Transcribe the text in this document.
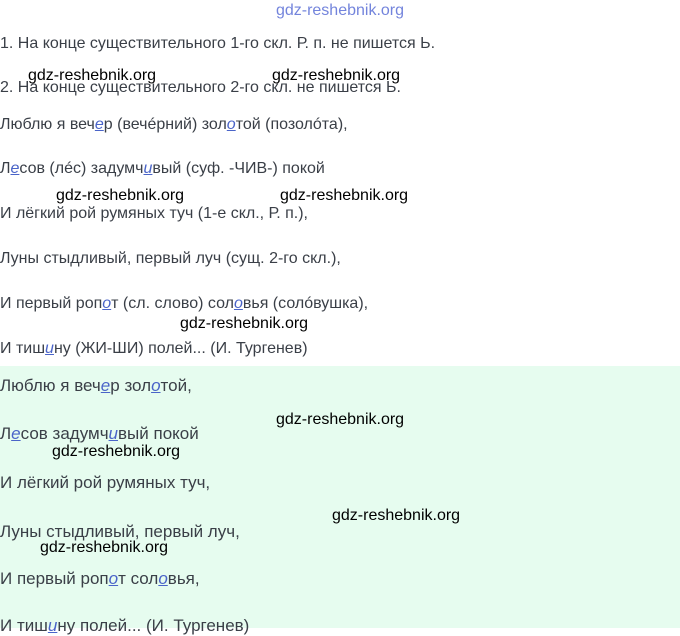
gdz-reshebnik.org
1. На конце существительного 1-го скл. Р. п. не пишется Ь.
2. На конце существительного 2-го скл. не пишется Ь.
Люблю я вечер (вечéрний) золотой (позолóта),
Лесов (лéс) задумчивый (суф. -ЧИВ-) покой
И лёгкий рой румяных туч (1-е скл., Р. п.),
Луны стыдливый, первый луч (сущ. 2-го скл.),
И первый ропот (сл. слово) соловья (солóвушка),
И тишину (ЖИ-ШИ) полей... (И. Тургенев)
Люблю я вечер золотой,
Лесов задумчивый покой
И лёгкий рой румяных туч,
Луны стыдливый, первый луч,
И первый ропот соловья,
И тишину полей... (И. Тургенев)
gdz-reshebnik.org	gdz-reshebnik.org
gdz-reshebnik.org	gdz-reshebnik.org
gdz-reshebnik.org
gdz-reshebnik.org
gdz-reshebnik.org
gdz-reshebnik.org
gdz-reshebnik.org
